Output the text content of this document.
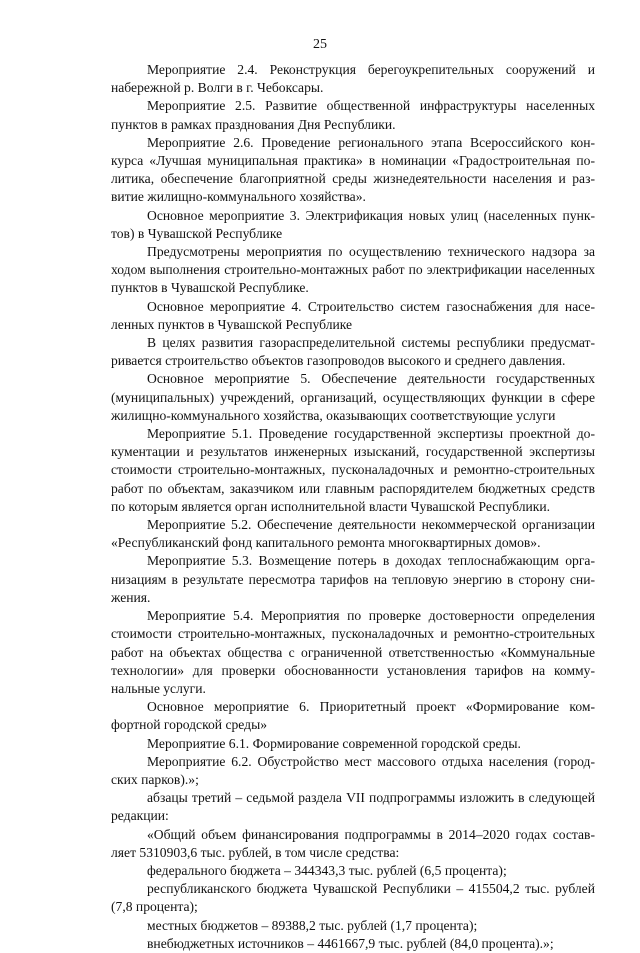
25

Мероприятие 2.4. Реконструкция берегоукрепительных сооружений и набережной р. Волги в г. Чебоксары.

Мероприятие 2.5. Развитие общественной инфраструктуры населенных пунктов в рамках празднования Дня Республики.

Мероприятие 2.6. Проведение регионального этапа Всероссийского конкурса «Лучшая муниципальная практика» в номинации «Градостроительная политика, обеспечение благоприятной среды жизнедеятельности населения и развитие жилищно-коммунального хозяйства».

Основное мероприятие 3. Электрификация новых улиц (населенных пунктов) в Чувашской Республике

Предусмотрены мероприятия по осуществлению технического надзора за ходом выполнения строительно-монтажных работ по электрификации населенных пунктов в Чувашской Республике.

Основное мероприятие 4. Строительство систем газоснабжения для населенных пунктов в Чувашской Республике

В целях развития газораспределительной системы республики предусматривается строительство объектов газопроводов высокого и среднего давления.

Основное мероприятие 5. Обеспечение деятельности государственных (муниципальных) учреждений, организаций, осуществляющих функции в сфере жилищно-коммунального хозяйства, оказывающих соответствующие услуги

Мероприятие 5.1. Проведение государственной экспертизы проектной документации и результатов инженерных изысканий, государственной экспертизы стоимости строительно-монтажных, пусконаладочных и ремонтно-строительных работ по объектам, заказчиком или главным распорядителем бюджетных средств по которым является орган исполнительной власти Чувашской Республики.

Мероприятие 5.2. Обеспечение деятельности некоммерческой организации «Республиканский фонд капитального ремонта многоквартирных домов».

Мероприятие 5.3. Возмещение потерь в доходах теплоснабжающим организациям в результате пересмотра тарифов на тепловую энергию в сторону снижения.

Мероприятие 5.4. Мероприятия по проверке достоверности определения стоимости строительно-монтажных, пусконаладочных и ремонтно-строительных работ на объектах общества с ограниченной ответственностью «Коммунальные технологии» для проверки обоснованности установления тарифов на коммунальные услуги.

Основное мероприятие 6. Приоритетный проект «Формирование комфортной городской среды»

Мероприятие 6.1. Формирование современной городской среды.

Мероприятие 6.2. Обустройство мест массового отдыха населения (городских парков).»;

абзацы третий – седьмой раздела VII подпрограммы изложить в следующей редакции:

«Общий объем финансирования подпрограммы в 2014–2020 годах составляет 5310903,6 тыс. рублей, в том числе средства:

федерального бюджета – 344343,3 тыс. рублей (6,5 процента);

республиканского бюджета Чувашской Республики – 415504,2 тыс. рублей (7,8 процента);

местных бюджетов – 89388,2 тыс. рублей (1,7 процента);

внебюджетных источников – 4461667,9 тыс. рублей (84,0 процента).»;
